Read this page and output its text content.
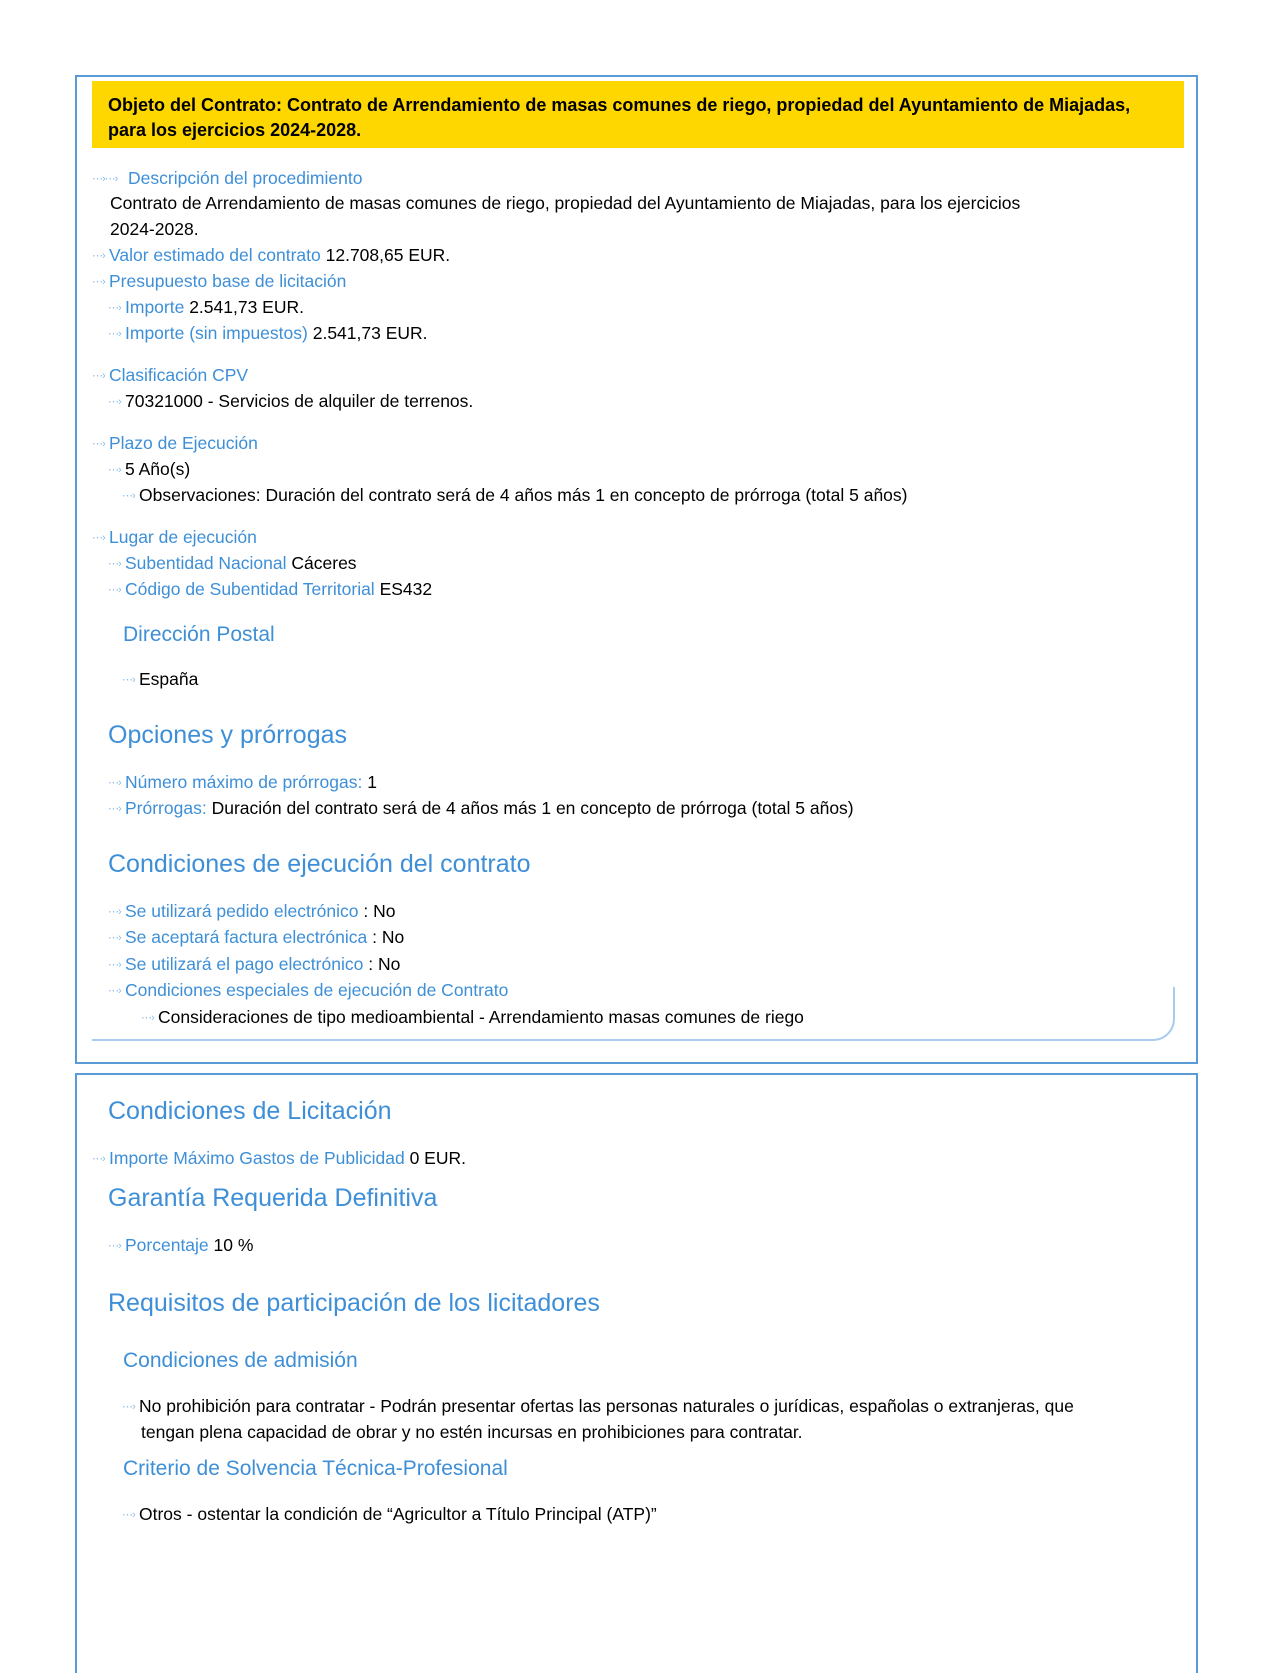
Objeto del Contrato: Contrato de Arrendamiento de masas comunes de riego, propiedad del Ayuntamiento de Miajadas, para los ejercicios 2024-2028.
⋯›⋯› Descripción del procedimiento
Contrato de Arrendamiento de masas comunes de riego, propiedad del Ayuntamiento de Miajadas, para los ejercicios
2024-2028.
⋯› Valor estimado del contrato 12.708,65 EUR.
⋯› Presupuesto base de licitación
⋯› Importe 2.541,73 EUR.
⋯› Importe (sin impuestos) 2.541,73 EUR.
⋯› Clasificación CPV
⋯› 70321000 - Servicios de alquiler de terrenos.
⋯› Plazo de Ejecución
⋯› 5 Año(s)
⋯› Observaciones: Duración del contrato será de 4 años más 1 en concepto de prórroga (total 5 años)
⋯› Lugar de ejecución
⋯› Subentidad Nacional Cáceres
⋯› Código de Subentidad Territorial ES432
Dirección Postal
⋯› España
Opciones y prórrogas
⋯› Número máximo de prórrogas: 1
⋯› Prórrogas: Duración del contrato será de 4 años más 1 en concepto de prórroga (total 5 años)
Condiciones de ejecución del contrato
⋯› Se utilizará pedido electrónico : No
⋯› Se aceptará factura electrónica : No
⋯› Se utilizará el pago electrónico : No
⋯› Condiciones especiales de ejecución de Contrato
⋯› Consideraciones de tipo medioambiental - Arrendamiento masas comunes de riego
Condiciones de Licitación
⋯› Importe Máximo Gastos de Publicidad 0 EUR.
Garantía Requerida Definitiva
⋯› Porcentaje 10 %
Requisitos de participación de los licitadores
Condiciones de admisión
⋯› No prohibición para contratar - Podrán presentar ofertas las personas naturales o jurídicas, españolas o extranjeras, que
tengan plena capacidad de obrar y no estén incursas en prohibiciones para contratar.
Criterio de Solvencia Técnica-Profesional
⋯› Otros - ostentar la condición de “Agricultor a Título Principal (ATP)”
